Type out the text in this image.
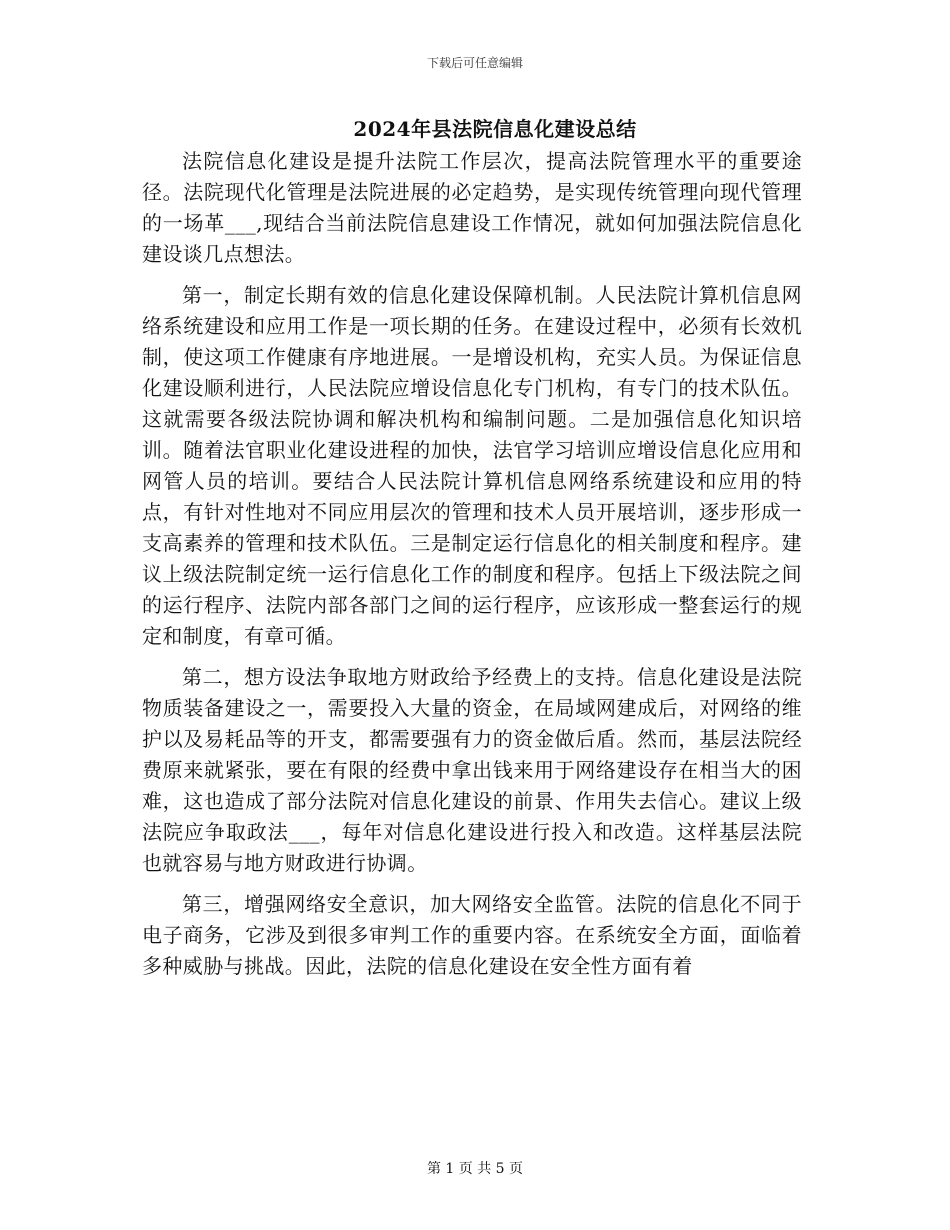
下载后可任意编辑
2024年县法院信息化建设总结

法院信息化建设是提升法院工作层次，提高法院管理水平的重要途径。法院现代化管理是法院进展的必定趋势，是实现传统管理向现代管理的一场革___,现结合当前法院信息建设工作情况，就如何加强法院信息化建设谈几点想法。

第一，制定长期有效的信息化建设保障机制。人民法院计算机信息网络系统建设和应用工作是一项长期的任务。在建设过程中，必须有长效机制，使这项工作健康有序地进展。一是增设机构，充实人员。为保证信息化建设顺利进行，人民法院应增设信息化专门机构，有专门的技术队伍。这就需要各级法院协调和解决机构和编制问题。二是加强信息化知识培训。随着法官职业化建设进程的加快，法官学习培训应增设信息化应用和网管人员的培训。要结合人民法院计算机信息网络系统建设和应用的特点，有针对性地对不同应用层次的管理和技术人员开展培训，逐步形成一支高素养的管理和技术队伍。三是制定运行信息化的相关制度和程序。建议上级法院制定统一运行信息化工作的制度和程序。包括上下级法院之间的运行程序、法院内部各部门之间的运行程序，应该形成一整套运行的规定和制度，有章可循。

第二，想方设法争取地方财政给予经费上的支持。信息化建设是法院物质装备建设之一，需要投入大量的资金，在局域网建成后，对网络的维护以及易耗品等的开支，都需要强有力的资金做后盾。然而，基层法院经费原来就紧张，要在有限的经费中拿出钱来用于网络建设存在相当大的困难，这也造成了部分法院对信息化建设的前景、作用失去信心。建议上级法院应争取政法___，每年对信息化建设进行投入和改造。这样基层法院也就容易与地方财政进行协调。

第三，增强网络安全意识，加大网络安全监管。法院的信息化不同于电子商务，它涉及到很多审判工作的重要内容。在系统安全方面，面临着多种威胁与挑战。因此，法院的信息化建设在安全性方面有着

第 1 页 共 5 页
